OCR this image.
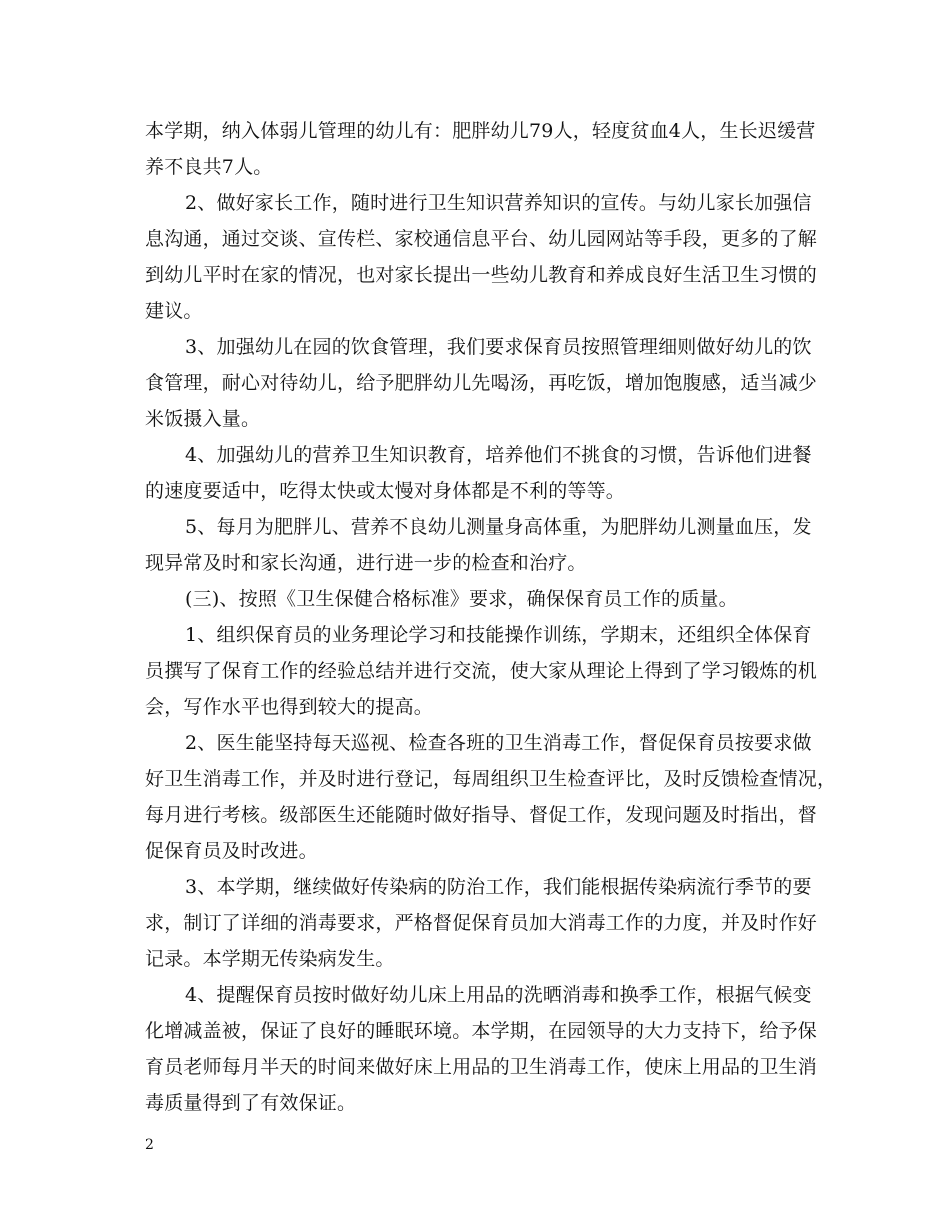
本学期，纳入体弱儿管理的幼儿有：肥胖幼儿79人，轻度贫血4人，生长迟缓营
养不良共7人。
2、做好家长工作，随时进行卫生知识营养知识的宣传。与幼儿家长加强信
息沟通，通过交谈、宣传栏、家校通信息平台、幼儿园网站等手段，更多的了解
到幼儿平时在家的情况，也对家长提出一些幼儿教育和养成良好生活卫生习惯的
建议。
3、加强幼儿在园的饮食管理，我们要求保育员按照管理细则做好幼儿的饮
食管理，耐心对待幼儿，给予肥胖幼儿先喝汤，再吃饭，增加饱腹感，适当减少
米饭摄入量。
4、加强幼儿的营养卫生知识教育，培养他们不挑食的习惯，告诉他们进餐
的速度要适中，吃得太快或太慢对身体都是不利的等等。
5、每月为肥胖儿、营养不良幼儿测量身高体重，为肥胖幼儿测量血压，发
现异常及时和家长沟通，进行进一步的检查和治疗。
(三)、按照《卫生保健合格标准》要求，确保保育员工作的质量。
1、组织保育员的业务理论学习和技能操作训练，学期末，还组织全体保育
员撰写了保育工作的经验总结并进行交流，使大家从理论上得到了学习锻炼的机
会，写作水平也得到较大的提高。
2、医生能坚持每天巡视、检查各班的卫生消毒工作，督促保育员按要求做
好卫生消毒工作，并及时进行登记，每周组织卫生检查评比，及时反馈检查情况，
每月进行考核。级部医生还能随时做好指导、督促工作，发现问题及时指出，督
促保育员及时改进。
3、本学期，继续做好传染病的防治工作，我们能根据传染病流行季节的要
求，制订了详细的消毒要求，严格督促保育员加大消毒工作的力度，并及时作好
记录。本学期无传染病发生。
4、提醒保育员按时做好幼儿床上用品的洗晒消毒和换季工作，根据气候变
化增减盖被，保证了良好的睡眠环境。本学期，在园领导的大力支持下，给予保
育员老师每月半天的时间来做好床上用品的卫生消毒工作，使床上用品的卫生消
毒质量得到了有效保证。
2
